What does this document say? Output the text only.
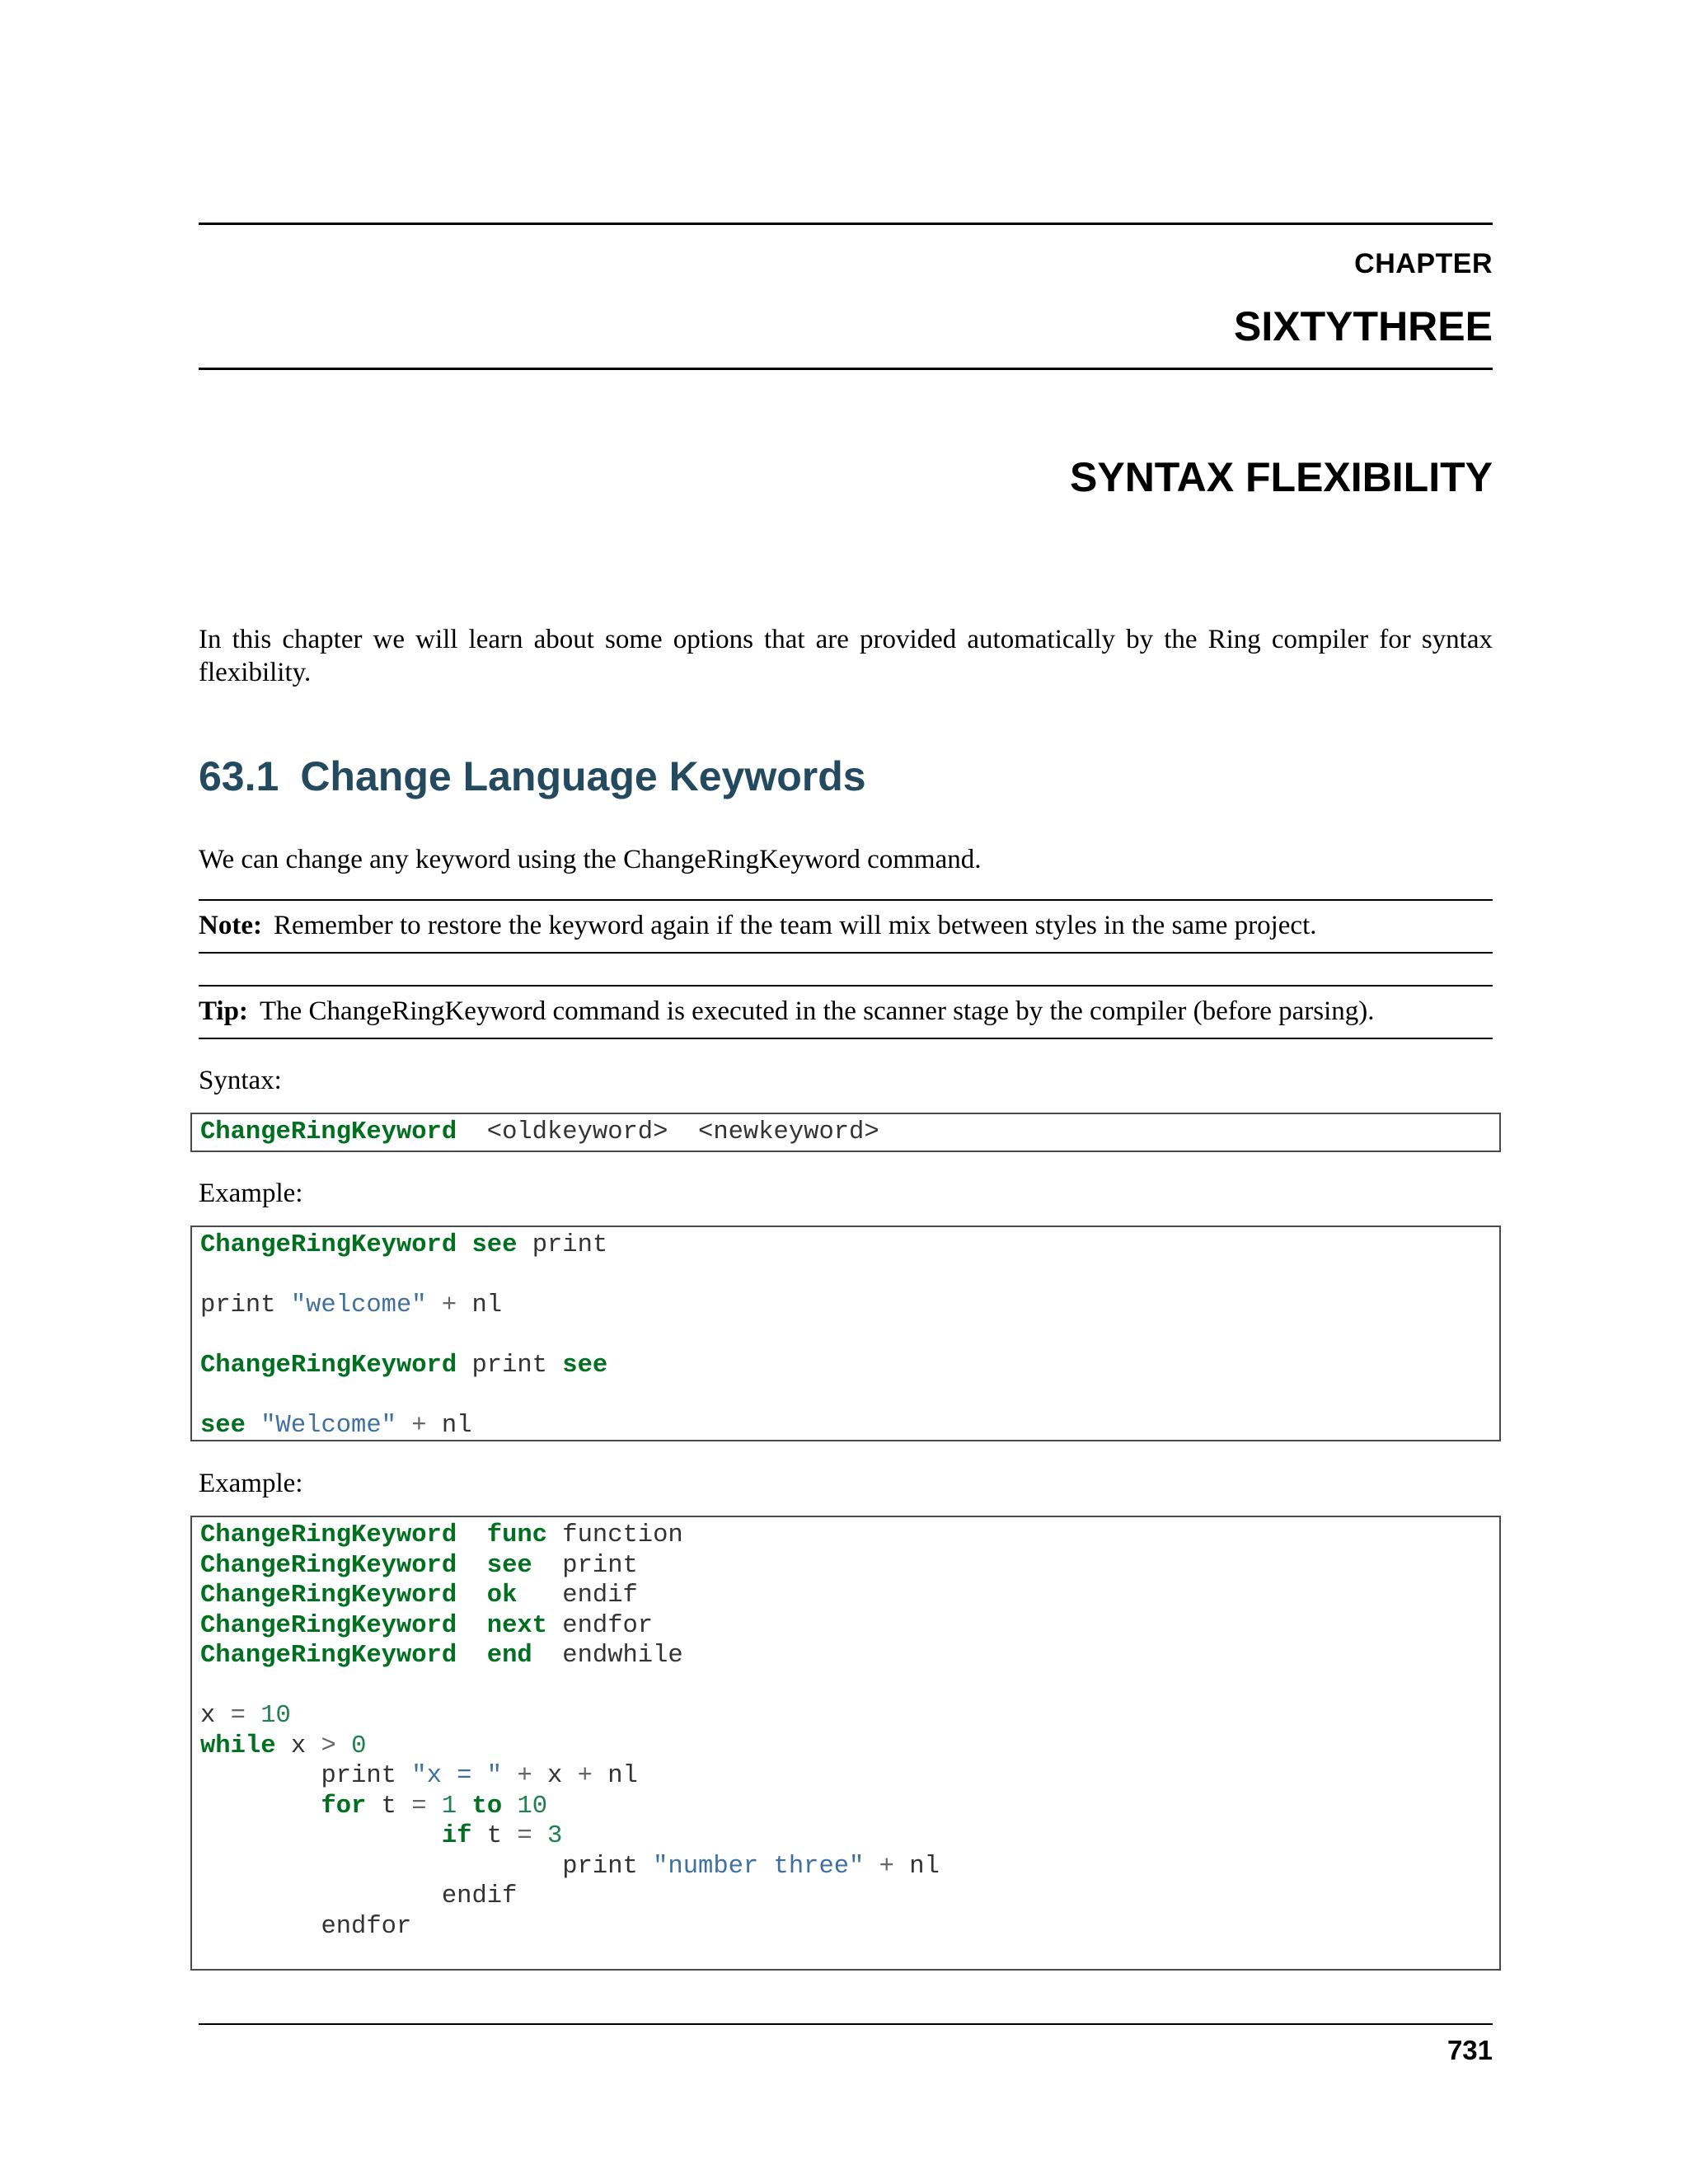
CHAPTER

SIXTYTHREE
SYNTAX FLEXIBILITY

In this chapter we will learn about some options that are provided automatically by the Ring compiler for syntax flexibility.

63.1 Change Language Keywords

We can change any keyword using the ChangeRingKeyword command.

Note: Remember to restore the keyword again if the team will mix between styles in the same project.

Tip: The ChangeRingKeyword command is executed in the scanner stage by the compiler (before parsing).

Syntax:

ChangeRingKeyword <oldkeyword> <newkeyword>

Example:

ChangeRingKeyword see print
print "welcome" + nl
ChangeRingKeyword print see
see "Welcome" + nl

Example:

ChangeRingKeyword func function
ChangeRingKeyword see print
ChangeRingKeyword ok endif
ChangeRingKeyword next endfor
ChangeRingKeyword end endwhile
x = 10
while x > 0
print "x = " + x + nl
for t = 1 to 10
if t = 3
print "number three" + nl
endif
endfor

731
